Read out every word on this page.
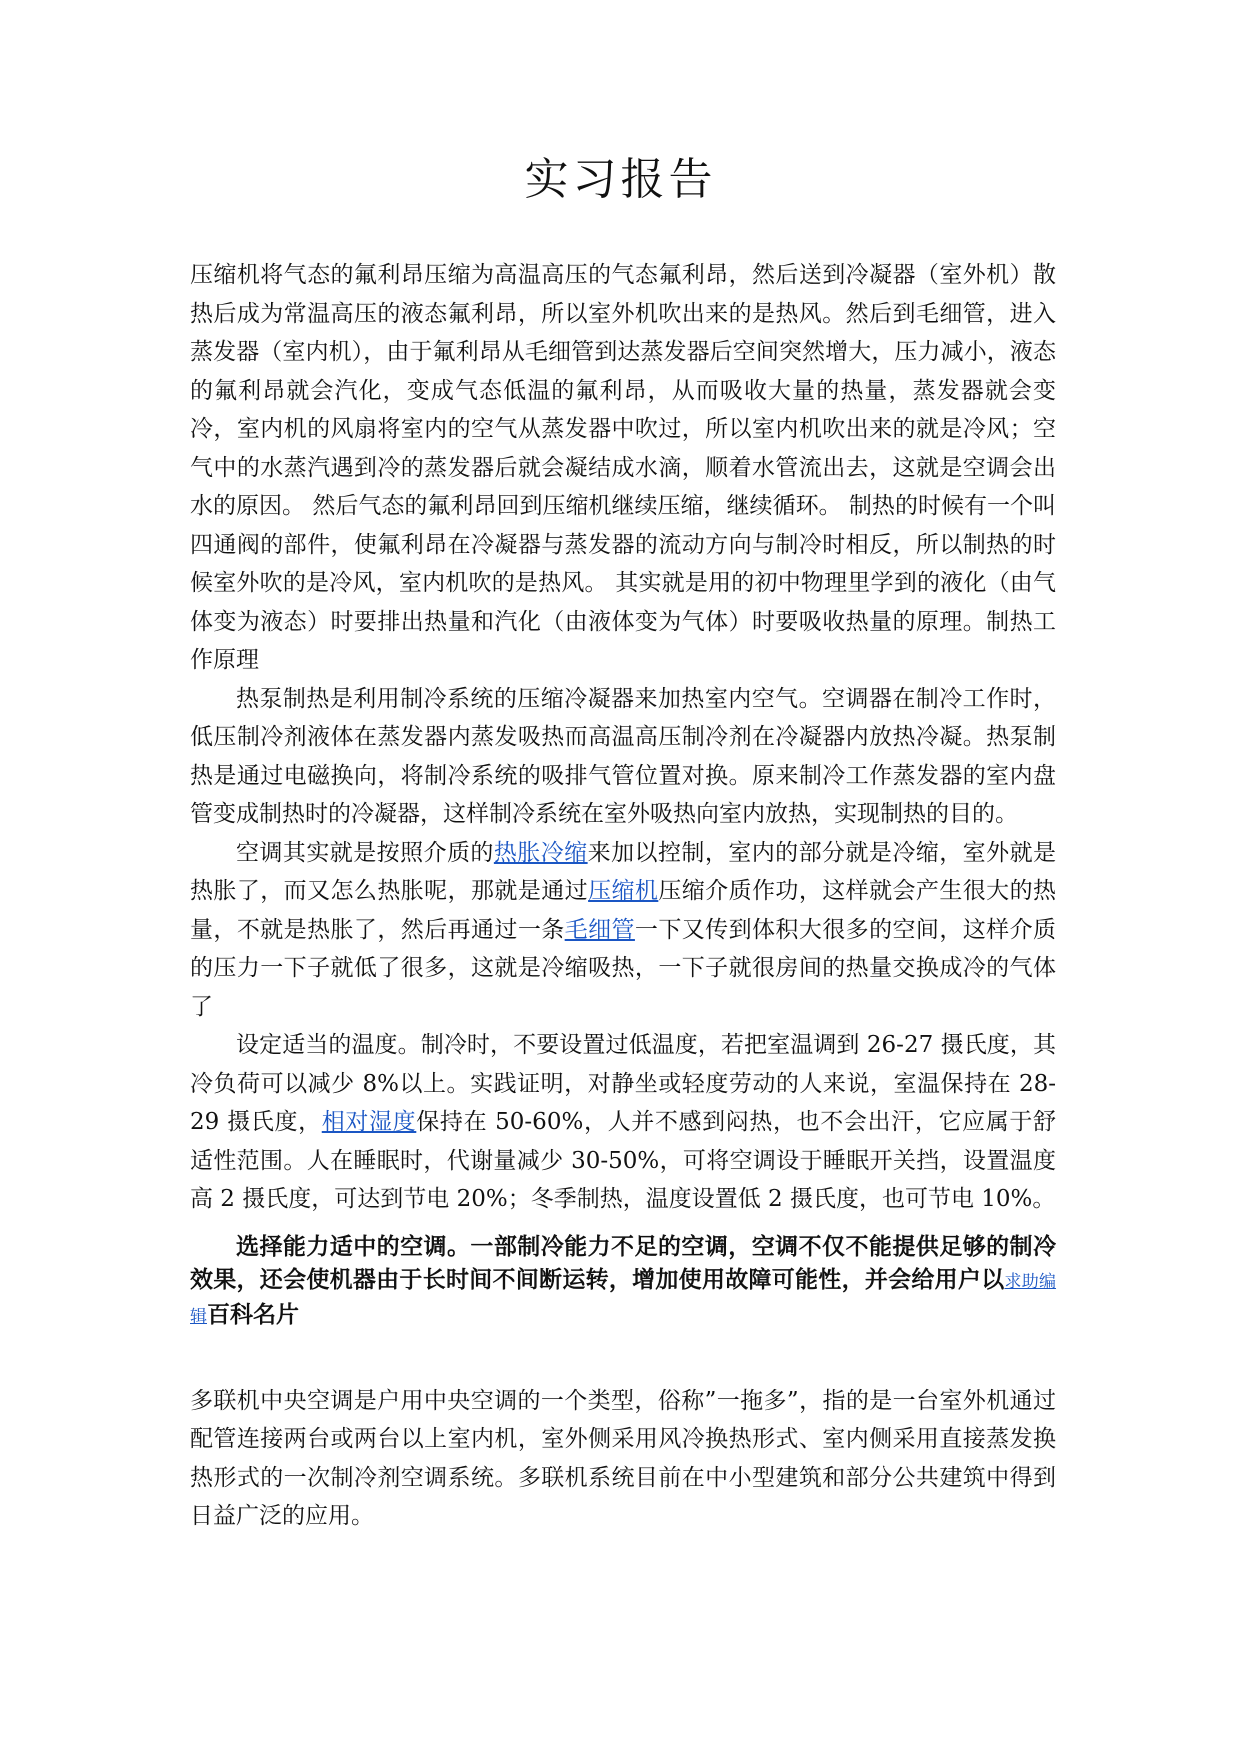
实习报告

压缩机将气态的氟利昂压缩为高温高压的气态氟利昂，然后送到冷凝器（室外机）散热后成为常温高压的液态氟利昂，所以室外机吹出来的是热风。然后到毛细管，进入蒸发器（室内机），由于氟利昂从毛细管到达蒸发器后空间突然增大，压力减小，液态的氟利昂就会汽化，变成气态低温的氟利昂，从而吸收大量的热量，蒸发器就会变冷，室内机的风扇将室内的空气从蒸发器中吹过，所以室内机吹出来的就是冷风；空气中的水蒸汽遇到冷的蒸发器后就会凝结成水滴，顺着水管流出去，这就是空调会出水的原因。 然后气态的氟利昂回到压缩机继续压缩，继续循环。 制热的时候有一个叫四通阀的部件，使氟利昂在冷凝器与蒸发器的流动方向与制冷时相反，所以制热的时候室外吹的是冷风，室内机吹的是热风。 其实就是用的初中物理里学到的液化（由气体变为液态）时要排出热量和汽化（由液体变为气体）时要吸收热量的原理。制热工作原理

热泵制热是利用制冷系统的压缩冷凝器来加热室内空气。空调器在制冷工作时，低压制冷剂液体在蒸发器内蒸发吸热而高温高压制冷剂在冷凝器内放热冷凝。热泵制热是通过电磁换向，将制冷系统的吸排气管位置对换。原来制冷工作蒸发器的室内盘管变成制热时的冷凝器，这样制冷系统在室外吸热向室内放热，实现制热的目的。

空调其实就是按照介质的热胀冷缩来加以控制，室内的部分就是冷缩，室外就是热胀了，而又怎么热胀呢，那就是通过压缩机压缩介质作功，这样就会产生很大的热量，不就是热胀了，然后再通过一条毛细管一下又传到体积大很多的空间，这样介质的压力一下子就低了很多，这就是冷缩吸热，一下子就很房间的热量交换成冷的气体了

设定适当的温度。制冷时，不要设置过低温度，若把室温调到 26-27 摄氏度，其冷负荷可以减少 8%以上。实践证明，对静坐或轻度劳动的人来说，室温保持在 28-29 摄氏度，相对湿度保持在 50-60%，人并不感到闷热，也不会出汗，它应属于舒适性范围。人在睡眠时，代谢量减少 30-50%，可将空调设于睡眠开关挡，设置温度高 2 摄氏度，可达到节电 20%；冬季制热，温度设置低 2 摄氏度，也可节电 10%。

选择能力适中的空调。一部制冷能力不足的空调，空调不仅不能提供足够的制冷效果，还会使机器由于长时间不间断运转，增加使用故障可能性，并会给用户以求助编辑百科名片

多联机中央空调是户用中央空调的一个类型，俗称”一拖多”，指的是一台室外机通过配管连接两台或两台以上室内机，室外侧采用风冷换热形式、室内侧采用直接蒸发换热形式的一次制冷剂空调系统。多联机系统目前在中小型建筑和部分公共建筑中得到日益广泛的应用。
